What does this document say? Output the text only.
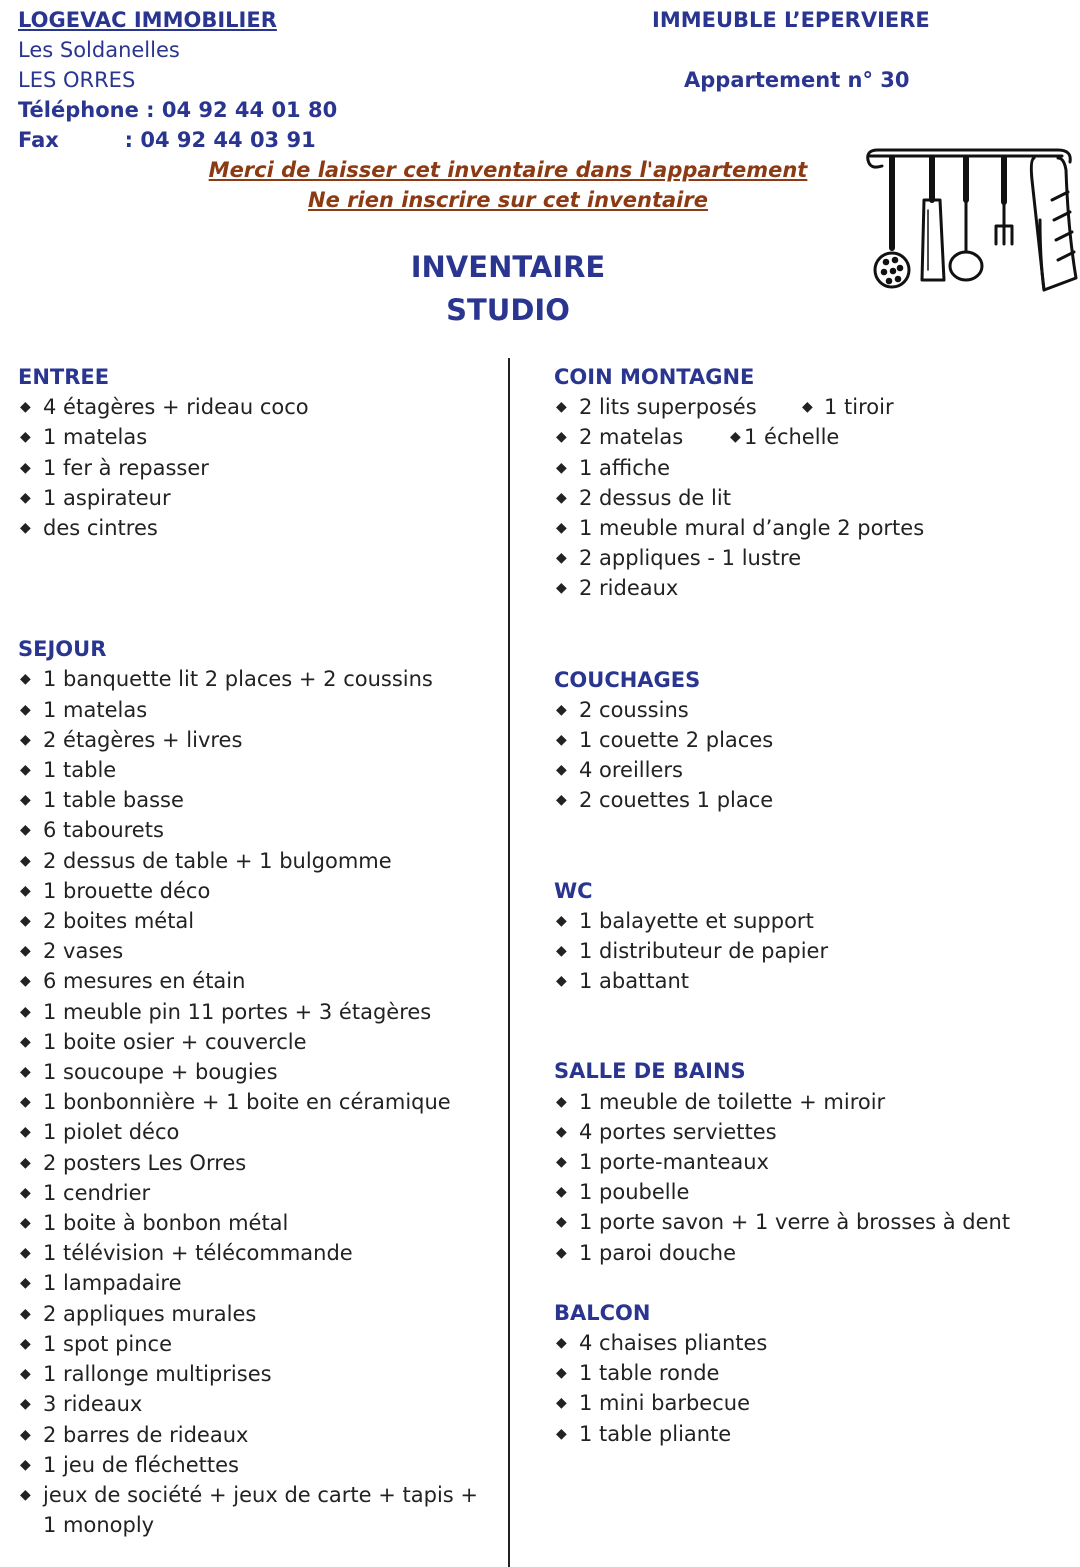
LOGEVAC IMMOBILIER
Les Soldanelles
LES ORRES
Téléphone : 04 92 44 01 80
Fax         : 04 92 44 03 91
IMMEUBLE L’EPERVIERE
Appartement n° 30
Merci de laisser cet inventaire dans l'appartement
Ne rien inscrire sur cet inventaire
INVENTAIRE
STUDIO
ENTREE
◆ 4 étagères + rideau coco
◆ 1 matelas
◆ 1 fer à repasser
◆ 1 aspirateur
◆ des cintres
SEJOUR
◆ 1 banquette lit 2 places + 2 coussins
◆ 1 matelas
◆ 2 étagères + livres
◆ 1 table
◆ 1 table basse
◆ 6 tabourets
◆ 2 dessus de table + 1 bulgomme
◆ 1 brouette déco
◆ 2 boites métal
◆ 2 vases
◆ 6 mesures en étain
◆ 1 meuble pin 11 portes + 3 étagères
◆ 1 boite osier + couvercle
◆ 1 soucoupe + bougies
◆ 1 bonbonnière + 1 boite en céramique
◆ 1 piolet déco
◆ 2 posters Les Orres
◆ 1 cendrier
◆ 1 boite à bonbon métal
◆ 1 télévision + télécommande
◆ 1 lampadaire
◆ 2 appliques murales
◆ 1 spot pince
◆ 1 rallonge multiprises
◆ 3 rideaux
◆ 2 barres de rideaux
◆ 1 jeu de fléchettes
◆ jeux de société + jeux de carte + tapis + 1 monoply
COIN MONTAGNE
◆ 2 lits superposés
◆ 2 matelas
◆ 1 affiche
◆ 2 dessus de lit
◆ 1 meuble mural d’angle 2 portes
◆ 2 appliques - 1 lustre
◆ 2 rideaux
◆ 1 tiroir
◆ 1 échelle
COUCHAGES
◆ 2 coussins
◆ 1 couette 2 places
◆ 4 oreillers
◆ 2 couettes 1 place
WC
◆ 1 balayette et support
◆ 1 distributeur de papier
◆ 1 abattant
SALLE DE BAINS
◆ 1 meuble de toilette + miroir
◆ 4 portes serviettes
◆ 1 porte-manteaux
◆ 1 poubelle
◆ 1 porte savon + 1 verre à brosses à dent
◆ 1 paroi douche
BALCON
◆ 4 chaises pliantes
◆ 1 table ronde
◆ 1 mini barbecue
◆ 1 table pliante
